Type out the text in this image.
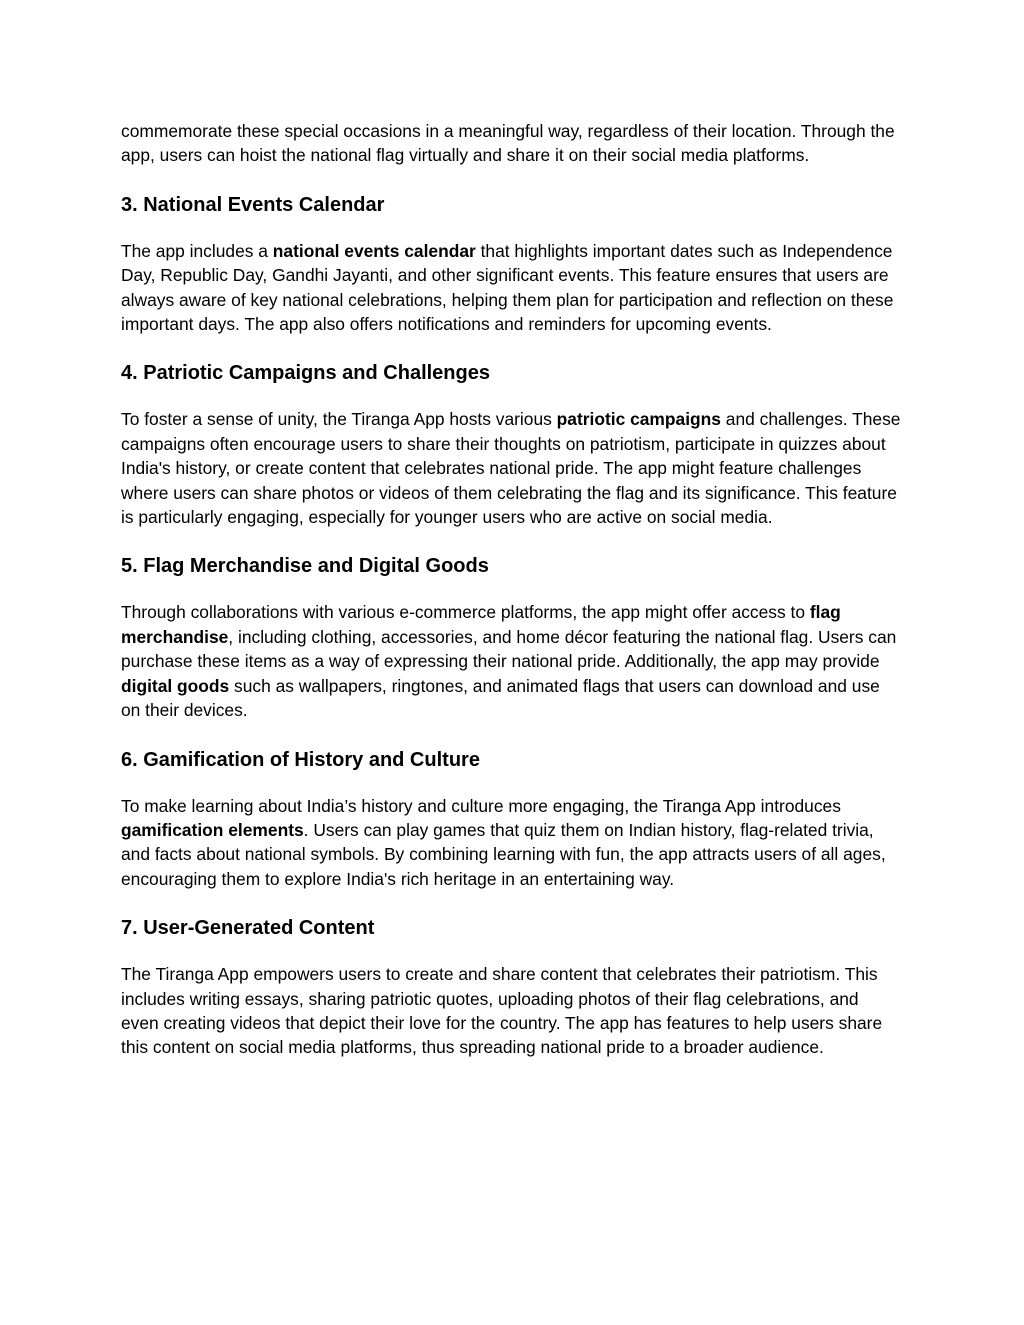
commemorate these special occasions in a meaningful way, regardless of their location. Through the app, users can hoist the national flag virtually and share it on their social media platforms.

3. National Events Calendar

The app includes a national events calendar that highlights important dates such as Independence Day, Republic Day, Gandhi Jayanti, and other significant events. This feature ensures that users are always aware of key national celebrations, helping them plan for participation and reflection on these important days. The app also offers notifications and reminders for upcoming events.

4. Patriotic Campaigns and Challenges

To foster a sense of unity, the Tiranga App hosts various patriotic campaigns and challenges. These campaigns often encourage users to share their thoughts on patriotism, participate in quizzes about India's history, or create content that celebrates national pride. The app might feature challenges where users can share photos or videos of them celebrating the flag and its significance. This feature is particularly engaging, especially for younger users who are active on social media.

5. Flag Merchandise and Digital Goods

Through collaborations with various e-commerce platforms, the app might offer access to flag merchandise, including clothing, accessories, and home décor featuring the national flag. Users can purchase these items as a way of expressing their national pride. Additionally, the app may provide digital goods such as wallpapers, ringtones, and animated flags that users can download and use on their devices.

6. Gamification of History and Culture

To make learning about India’s history and culture more engaging, the Tiranga App introduces gamification elements. Users can play games that quiz them on Indian history, flag-related trivia, and facts about national symbols. By combining learning with fun, the app attracts users of all ages, encouraging them to explore India's rich heritage in an entertaining way.

7. User-Generated Content

The Tiranga App empowers users to create and share content that celebrates their patriotism. This includes writing essays, sharing patriotic quotes, uploading photos of their flag celebrations, and even creating videos that depict their love for the country. The app has features to help users share this content on social media platforms, thus spreading national pride to a broader audience.
